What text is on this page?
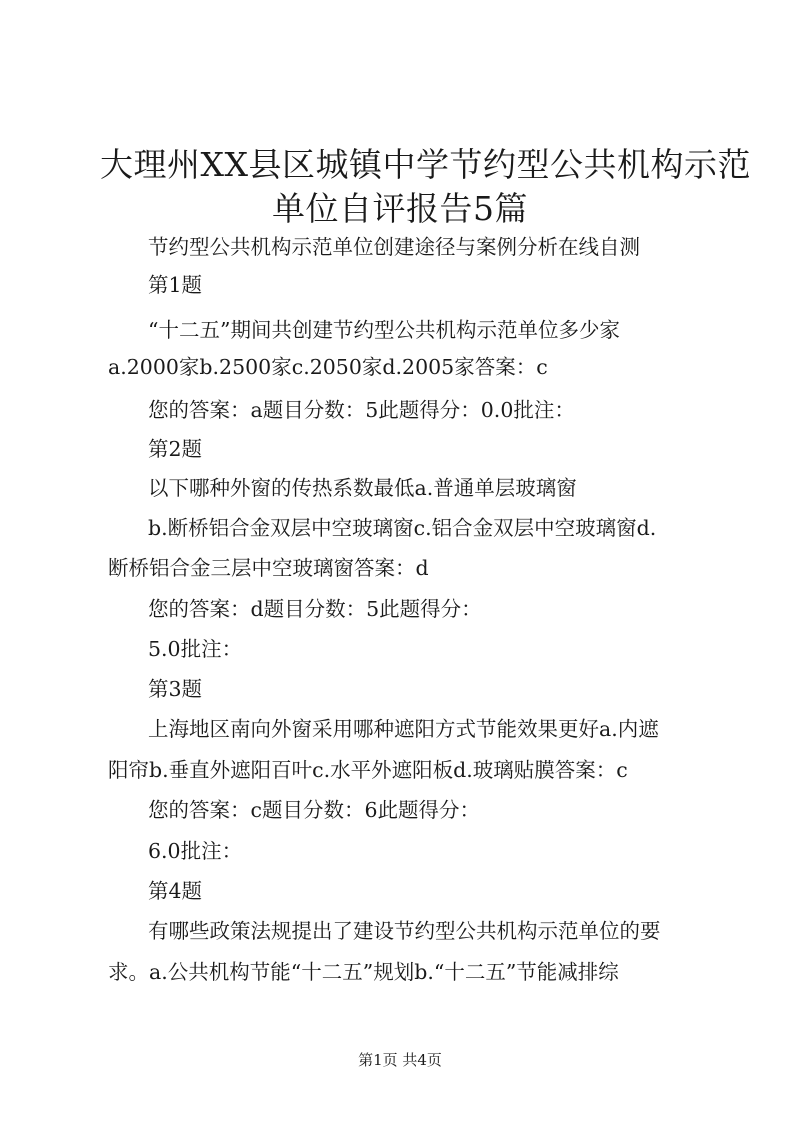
大理州XX县区城镇中学节约型公共机构示范
单位自评报告5篇

节约型公共机构示范单位创建途径与案例分析在线自测

第1题

“十二五”期间共创建节约型公共机构示范单位多少家

a.2000家b.2500家c.2050家d.2005家答案：c

您的答案：a题目分数：5此题得分：0.0批注：

第2题

以下哪种外窗的传热系数最低a.普通单层玻璃窗

b.断桥铝合金双层中空玻璃窗c.铝合金双层中空玻璃窗d.

断桥铝合金三层中空玻璃窗答案：d

您的答案：d题目分数：5此题得分：

5.0批注：

第3题

上海地区南向外窗采用哪种遮阳方式节能效果更好a.内遮

阳帘b.垂直外遮阳百叶c.水平外遮阳板d.玻璃贴膜答案：c

您的答案：c题目分数：6此题得分：

6.0批注：

第4题

有哪些政策法规提出了建设节约型公共机构示范单位的要

求。a.公共机构节能“十二五”规划b.“十二五”节能减排综

第1页 共4页
